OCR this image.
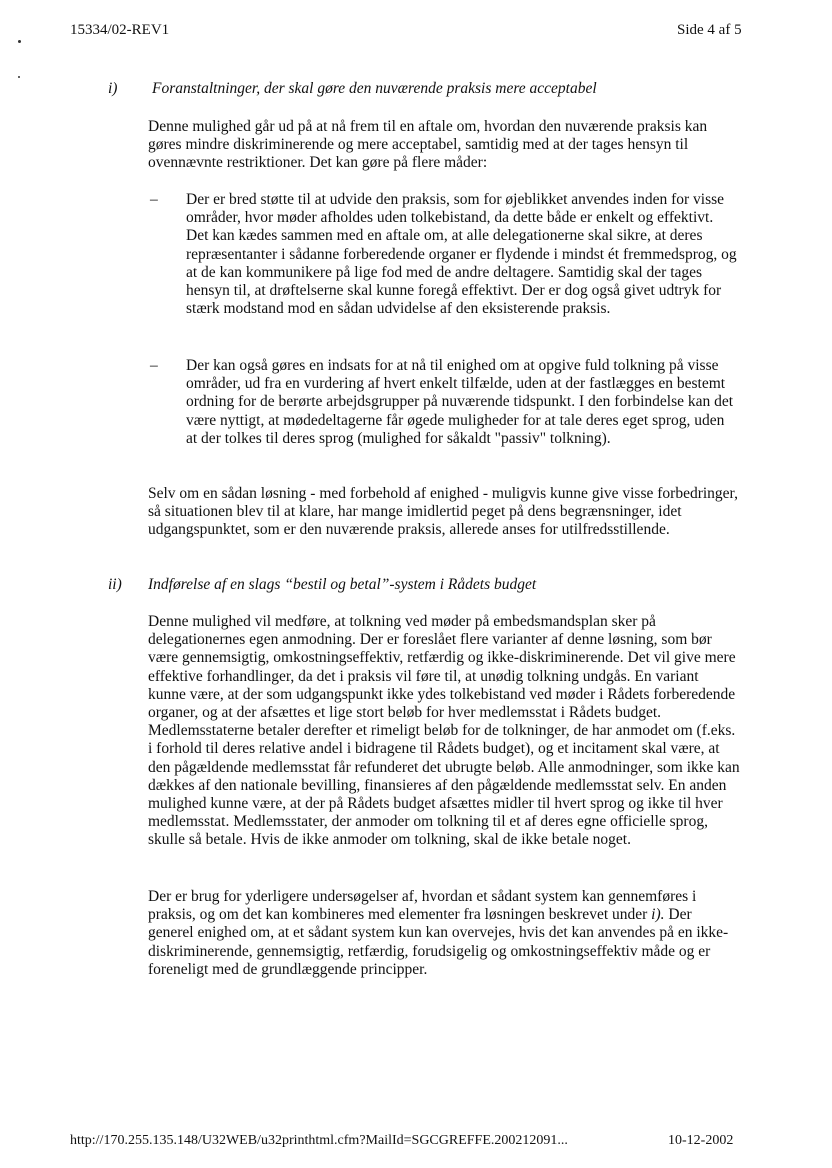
15334/02-REV1	Side 4 af 5
i) Foranstaltninger, der skal gøre den nuværende praksis mere acceptabel
Denne mulighed går ud på at nå frem til en aftale om, hvordan den nuværende praksis kan gøres mindre diskriminerende og mere acceptabel, samtidig med at der tages hensyn til ovennævnte restriktioner. Det kan gøre på flere måder:
– Der er bred støtte til at udvide den praksis, som for øjeblikket anvendes inden for visse områder, hvor møder afholdes uden tolkebistand, da dette både er enkelt og effektivt. Det kan kædes sammen med en aftale om, at alle delegationerne skal sikre, at deres repræsentanter i sådanne forberedende organer er flydende i mindst ét fremmedsprog, og at de kan kommunikere på lige fod med de andre deltagere. Samtidig skal der tages hensyn til, at drøftelserne skal kunne foregå effektivt. Der er dog også givet udtryk for stærk modstand mod en sådan udvidelse af den eksisterende praksis.
– Der kan også gøres en indsats for at nå til enighed om at opgive fuld tolkning på visse områder, ud fra en vurdering af hvert enkelt tilfælde, uden at der fastlægges en bestemt ordning for de berørte arbejdsgrupper på nuværende tidspunkt. I den forbindelse kan det være nyttigt, at mødedeltagerne får øgede muligheder for at tale deres eget sprog, uden at der tolkes til deres sprog (mulighed for såkaldt "passiv" tolkning).
Selv om en sådan løsning - med forbehold af enighed - muligvis kunne give visse forbedringer, så situationen blev til at klare, har mange imidlertid peget på dens begrænsninger, idet udgangspunktet, som er den nuværende praksis, allerede anses for utilfredsstillende.
ii) Indførelse af en slags “bestil og betal”-system i Rådets budget
Denne mulighed vil medføre, at tolkning ved møder på embedsmandsplan sker på delegationernes egen anmodning. Der er foreslået flere varianter af denne løsning, som bør være gennemsigtig, omkostningseffektiv, retfærdig og ikke-diskriminerende. Det vil give mere effektive forhandlinger, da det i praksis vil føre til, at unødig tolkning undgås. En variant kunne være, at der som udgangspunkt ikke ydes tolkebistand ved møder i Rådets forberedende organer, og at der afsættes et lige stort beløb for hver medlemsstat i Rådets budget. Medlemsstaterne betaler derefter et rimeligt beløb for de tolkninger, de har anmodet om (f.eks. i forhold til deres relative andel i bidragene til Rådets budget), og et incitament skal være, at den pågældende medlemsstat får refunderet det ubrugte beløb. Alle anmodninger, som ikke kan dækkes af den nationale bevilling, finansieres af den pågældende medlemsstat selv. En anden mulighed kunne være, at der på Rådets budget afsættes midler til hvert sprog og ikke til hver medlemsstat. Medlemsstater, der anmoder om tolkning til et af deres egne officielle sprog, skulle så betale. Hvis de ikke anmoder om tolkning, skal de ikke betale noget.
Der er brug for yderligere undersøgelser af, hvordan et sådant system kan gennemføres i praksis, og om det kan kombineres med elementer fra løsningen beskrevet under i). Der generel enighed om, at et sådant system kun kan overvejes, hvis det kan anvendes på en ikke-diskriminerende, gennemsigtig, retfærdig, forudsigelig og omkostningseffektiv måde og er foreneligt med de grundlæggende principper.
http://170.255.135.148/U32WEB/u32printhtml.cfm?MailId=SGCGREFFE.200212091...	10-12-2002
